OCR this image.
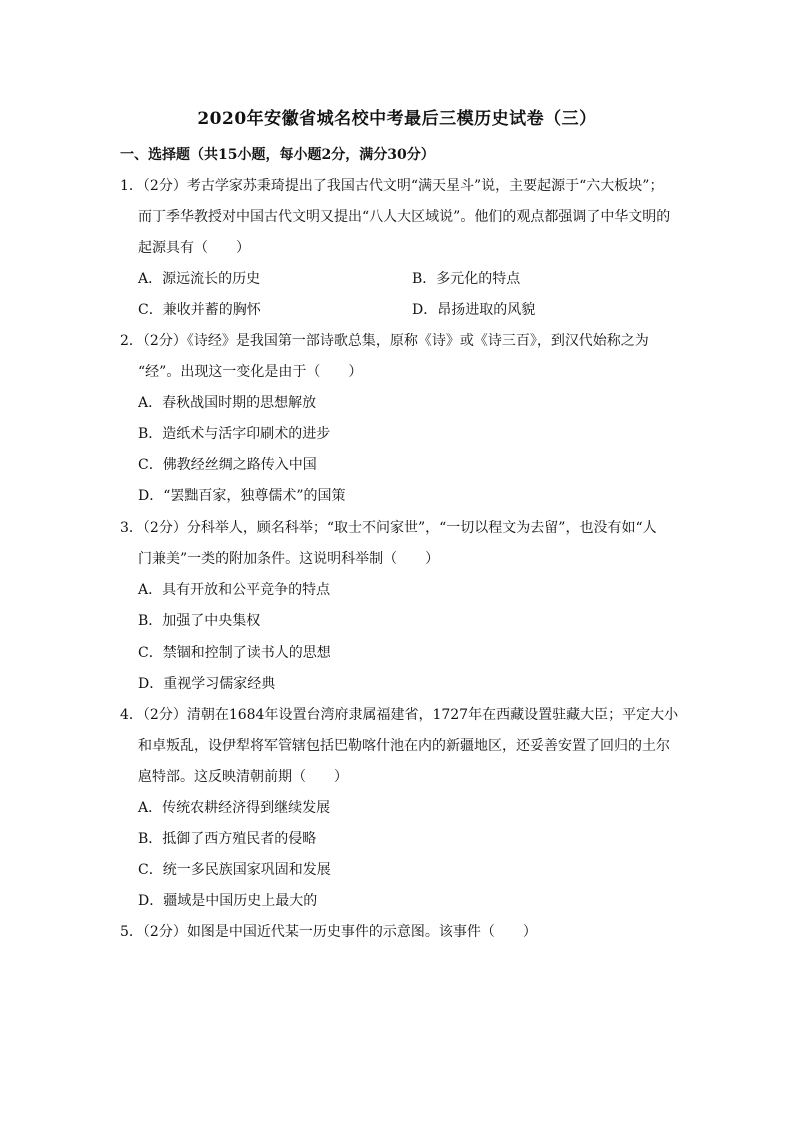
2020年安徽省城名校中考最后三模历史试卷（三）
一、选择题（共15小题，每小题2分，满分30分）
1．（2分）考古学家苏秉琦提出了我国古代文明“满天星斗”说，主要起源于“六大板块”；
而丁季华教授对中国古代文明又提出“八人大区域说”。他们的观点都强调了中华文明的
起源具有（　　）
A．源远流长的历史	B．多元化的特点
C．兼收并蓄的胸怀	D．昂扬进取的风貌
2．（2分）《诗经》是我国第一部诗歌总集，原称《诗》或《诗三百》，到汉代始称之为
“经”。出现这一变化是由于（　　）
A．春秋战国时期的思想解放
B．造纸术与活字印刷术的进步
C．佛教经丝绸之路传入中国
D．“罢黜百家，独尊儒术”的国策
3．（2分）分科举人，顾名科举；“取士不问家世”，“一切以程文为去留”，也没有如“人
门兼美”一类的附加条件。这说明科举制（　　）
A．具有开放和公平竞争的特点
B．加强了中央集权
C．禁锢和控制了读书人的思想
D．重视学习儒家经典
4．（2分）清朝在1684年设置台湾府隶属福建省，1727年在西藏设置驻藏大臣；平定大小
和卓叛乱，设伊犁将军管辖包括巴勒喀什池在内的新疆地区，还妥善安置了回归的土尔
扈特部。这反映清朝前期（　　）
A．传统农耕经济得到继续发展
B．抵御了西方殖民者的侵略
C．统一多民族国家巩固和发展
D．疆域是中国历史上最大的
5．（2分）如图是中国近代某一历史事件的示意图。该事件（　　）
